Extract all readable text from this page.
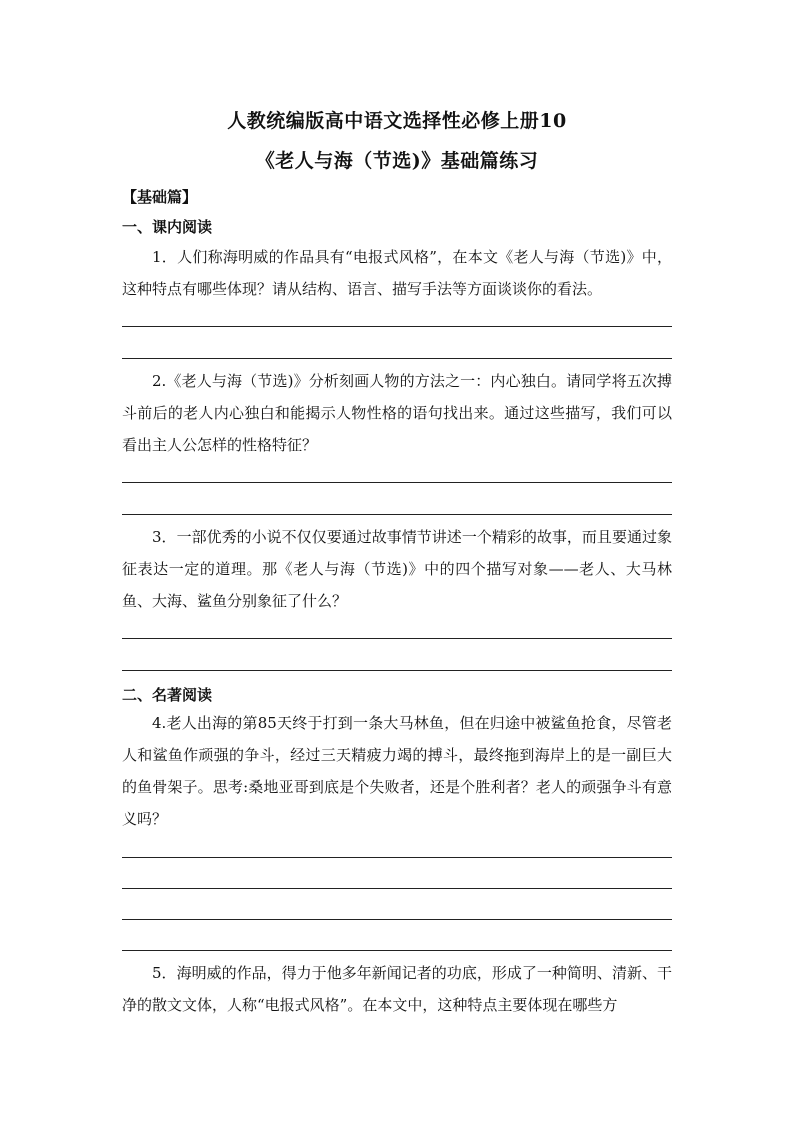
人教统编版高中语文选择性必修上册10
《老人与海（节选)》基础篇练习
【基础篇】
一、课内阅读

1．人们称海明威的作品具有“电报式风格”，在本文《老人与海（节选)》中，这种特点有哪些体现？请从结构、语言、描写手法等方面谈谈你的看法。

2.《老人与海（节选)》分析刻画人物的方法之一：内心独白。请同学将五次搏斗前后的老人内心独白和能揭示人物性格的语句找出来。通过这些描写，我们可以看出主人公怎样的性格特征？

3．一部优秀的小说不仅仅要通过故事情节讲述一个精彩的故事，而且要通过象征表达一定的道理。那《老人与海（节选)》中的四个描写对象——老人、大马林鱼、大海、鲨鱼分别象征了什么？

二、名著阅读

4.老人出海的第85天终于打到一条大马林鱼，但在归途中被鲨鱼抢食，尽管老人和鲨鱼作顽强的争斗，经过三天精疲力竭的搏斗，最终拖到海岸上的是一副巨大的鱼骨架子。思考:桑地亚哥到底是个失败者，还是个胜利者？老人的顽强争斗有意义吗？

5．海明威的作品，得力于他多年新闻记者的功底，形成了一种简明、清新、干净的散文文体，人称“电报式风格”。在本文中，这种特点主要体现在哪些方
